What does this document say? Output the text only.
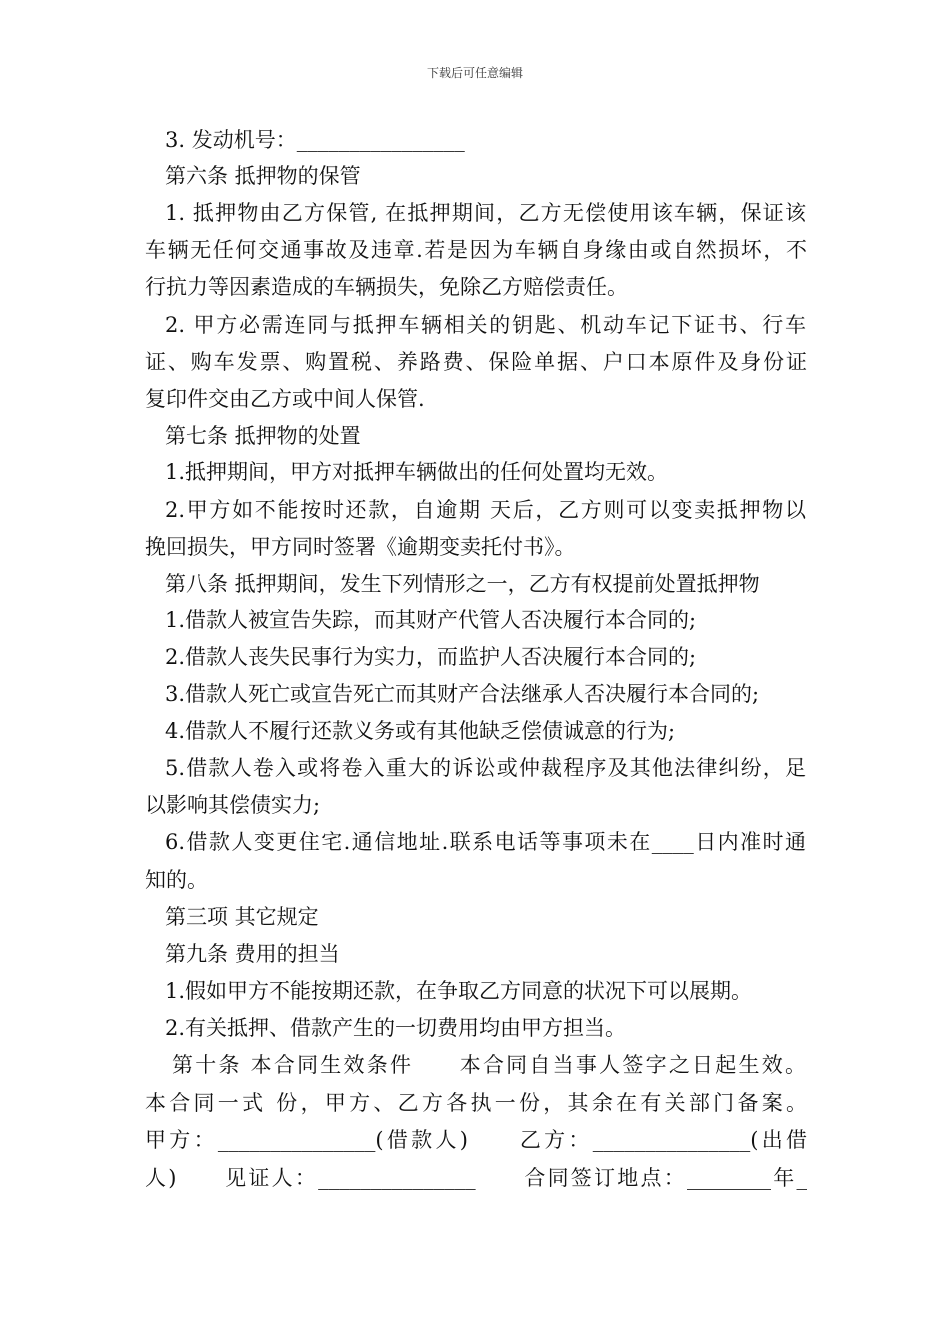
下载后可任意编辑
3. 发动机号：________________
第六条 抵押物的保管
1. 抵押物由乙方保管, 在抵押期间，乙方无偿使用该车辆，保证该
车辆无任何交通事故及违章.若是因为车辆自身缘由或自然损坏，不
行抗力等因素造成的车辆损失，免除乙方赔偿责任。
2. 甲方必需连同与抵押车辆相关的钥匙、机动车记下证书、行车
证、购车发票、购置税、养路费、保险单据、户口本原件及身份证
复印件交由乙方或中间人保管.
第七条 抵押物的处置
1.抵押期间，甲方对抵押车辆做出的任何处置均无效。
2.甲方如不能按时还款，自逾期 天后，乙方则可以变卖抵押物以
挽回损失，甲方同时签署《逾期变卖托付书》。
第八条 抵押期间，发生下列情形之一，乙方有权提前处置抵押物
1.借款人被宣告失踪，而其财产代管人否决履行本合同的;
2.借款人丧失民事行为实力，而监护人否决履行本合同的;
3.借款人死亡或宣告死亡而其财产合法继承人否决履行本合同的;
4.借款人不履行还款义务或有其他缺乏偿债诚意的行为;
5.借款人卷入或将卷入重大的诉讼或仲裁程序及其他法律纠纷，足
以影响其偿债实力;
6.借款人变更住宅.通信地址.联系电话等事项未在____日内准时通
知的。
第三项 其它规定
第九条 费用的担当
1.假如甲方不能按期还款，在争取乙方同意的状况下可以展期。
2.有关抵押、借款产生的一切费用均由甲方担当。
第十条 本合同生效条件　　本合同自当事人签字之日起生效。
本合同一式 份，甲方、乙方各执一份，其余在有关部门备案。
甲方：_______________(借款人)　　乙方：_______________(出借
人)　　见证人：_______________　　合同签订地点：________年_
